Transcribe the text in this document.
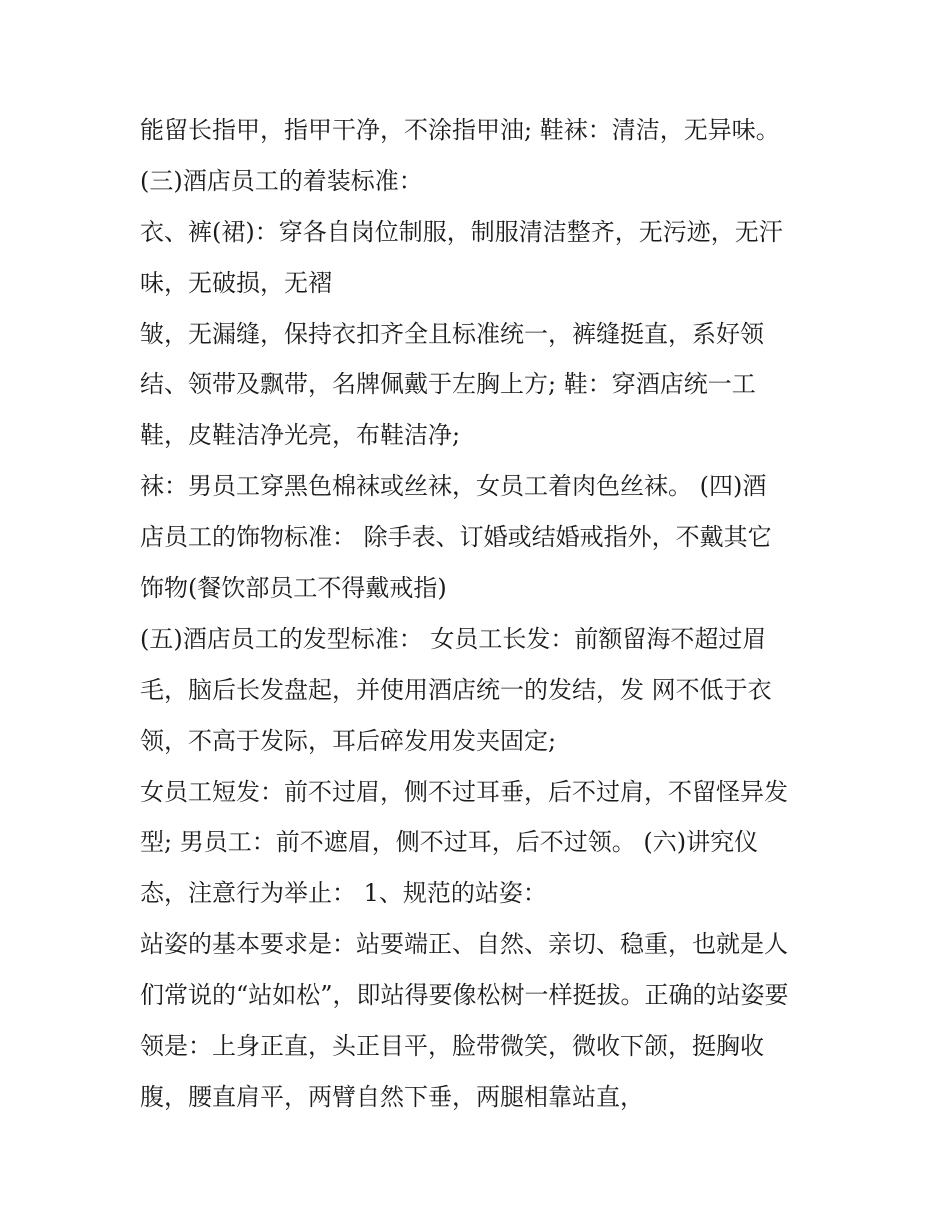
能留长指甲，指甲干净，不涂指甲油; 鞋袜：清洁，无异味。
(三)酒店员工的着装标准：
衣、裤(裙)：穿各自岗位制服，制服清洁整齐，无污迹，无汗
味，无破损，无褶
皱，无漏缝，保持衣扣齐全且标准统一，裤缝挺直，系好领
结、领带及飘带，名牌佩戴于左胸上方; 鞋：穿酒店统一工
鞋，皮鞋洁净光亮，布鞋洁净;
袜：男员工穿黑色棉袜或丝袜，女员工着肉色丝袜。 (四)酒
店员工的饰物标准： 除手表、订婚或结婚戒指外，不戴其它
饰物(餐饮部员工不得戴戒指)
(五)酒店员工的发型标准： 女员工长发：前额留海不超过眉
毛，脑后长发盘起，并使用酒店统一的发结，发 网不低于衣
领，不高于发际，耳后碎发用发夹固定;
女员工短发：前不过眉，侧不过耳垂，后不过肩，不留怪异发
型; 男员工：前不遮眉，侧不过耳，后不过领。 (六)讲究仪
态，注意行为举止： 1、规范的站姿：
站姿的基本要求是：站要端正、自然、亲切、稳重，也就是人
们常说的“站如松”，即站得要像松树一样挺拔。正确的站姿要
领是：上身正直，头正目平，脸带微笑，微收下颌，挺胸收
腹，腰直肩平，两臂自然下垂，两腿相靠站直，
